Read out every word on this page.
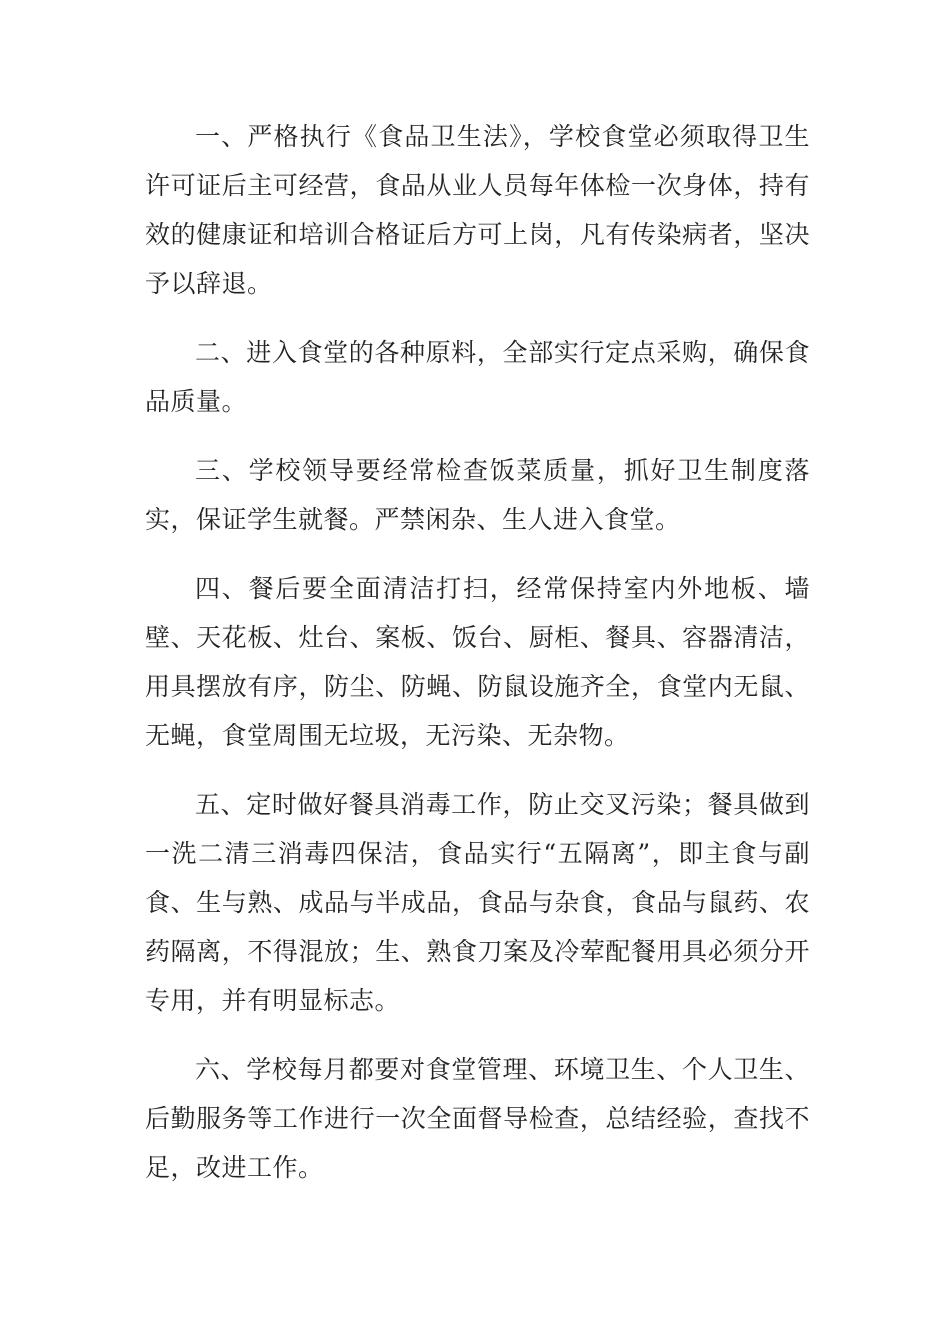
一、严格执行《食品卫生法》，学校食堂必须取得卫生许可证后主可经营，食品从业人员每年体检一次身体，持有效的健康证和培训合格证后方可上岗，凡有传染病者，坚决予以辞退。

二、进入食堂的各种原料，全部实行定点采购，确保食品质量。

三、学校领导要经常检查饭菜质量，抓好卫生制度落实，保证学生就餐。严禁闲杂、生人进入食堂。

四、餐后要全面清洁打扫，经常保持室内外地板、墙壁、天花板、灶台、案板、饭台、厨柜、餐具、容器清洁，用具摆放有序，防尘、防蝇、防鼠设施齐全，食堂内无鼠、无蝇，食堂周围无垃圾，无污染、无杂物。

五、定时做好餐具消毒工作，防止交叉污染；餐具做到一洗二清三消毒四保洁，食品实行“五隔离”，即主食与副食、生与熟、成品与半成品，食品与杂食，食品与鼠药、农药隔离，不得混放；生、熟食刀案及冷荤配餐用具必须分开专用，并有明显标志。

六、学校每月都要对食堂管理、环境卫生、个人卫生、后勤服务等工作进行一次全面督导检查，总结经验，查找不足，改进工作。
